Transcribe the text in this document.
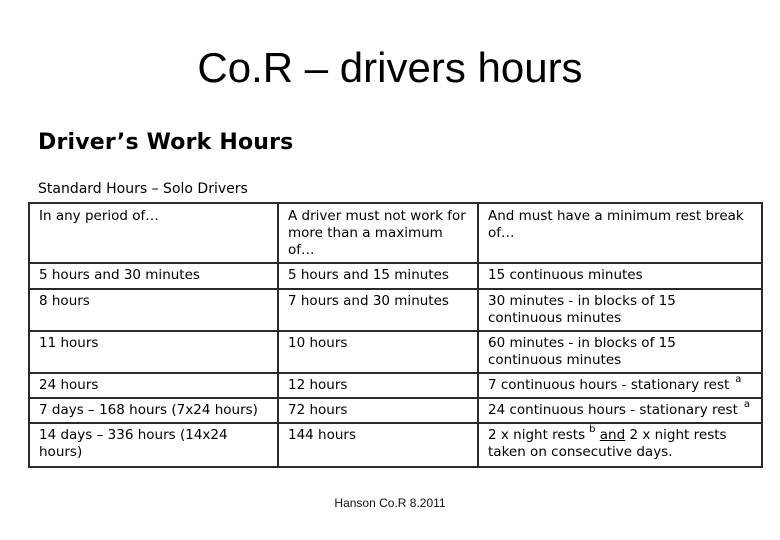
Co.R – drivers hours
Driver’s Work Hours
Standard Hours – Solo Drivers
In any period of…	A driver must not work for more than a maximum of…	And must have a minimum rest break of…
5 hours and 30 minutes	5 hours and 15 minutes	15 continuous minutes
8 hours	7 hours and 30 minutes	30 minutes - in blocks of 15 continuous minutes
11 hours	10 hours	60 minutes - in blocks of 15 continuous minutes
24 hours	12 hours	7 continuous hours - stationary rest $^a$
7 days – 168 hours (7x24 hours)	72 hours	24 continuous hours - stationary rest $^a$
14 days – 336 hours (14x24 hours)	144 hours	2 x night rests $^b$ and 2 x night rests taken on consecutive days.
Hanson Co.R 8.2011
